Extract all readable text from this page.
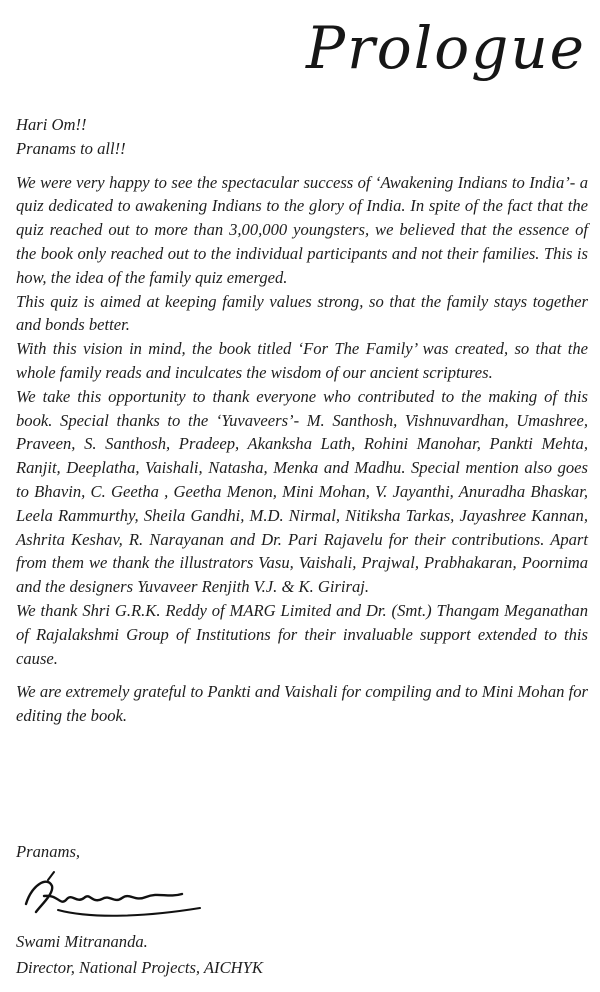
Prologue

Hari Om!!

Pranams to all!!

We were very happy to see the spectacular success of ‘Awakening Indians to India’- a quiz dedicated to awakening Indians to the glory of India. In spite of the fact that the quiz reached out to more than 3,00,000 youngsters, we believed that the essence of the book only reached out to the individual participants and not their families. This is how, the idea of the family quiz emerged.

This quiz is aimed at keeping family values strong, so that the family stays together and bonds better.

With this vision in mind, the book titled ‘For The Family’ was created, so that the whole family reads and inculcates the wisdom of our ancient scriptures.

We take this opportunity to thank everyone who contributed to the making of this book. Special thanks to the ‘Yuvaveers’- M. Santhosh, Vishnuvardhan, Umashree, Praveen, S. Santhosh, Pradeep, Akanksha Lath, Rohini Manohar, Pankti Mehta, Ranjit, Deeplatha, Vaishali, Natasha, Menka and Madhu. Special mention also goes to Bhavin, C. Geetha , Geetha Menon, Mini Mohan, V. Jayanthi, Anuradha Bhaskar, Leela Rammurthy, Sheila Gandhi, M.D. Nirmal, Nitiksha Tarkas, Jayashree Kannan, Ashrita Keshav, R. Narayanan and Dr. Pari Rajavelu for their contributions. Apart from them we thank the illustrators Vasu, Vaishali, Prajwal, Prabhakaran, Poornima and the designers Yuvaveer Renjith V.J. & K. Giriraj.

We thank Shri G.R.K. Reddy of MARG Limited and Dr. (Smt.) Thangam Meganathan of Rajalakshmi Group of Institutions for their invaluable support extended to this cause.

We are extremely grateful to Pankti and Vaishali for compiling and to Mini Mohan for editing the book.

Pranams,

Swami Mitrananda.

Director, National Projects, AICHYK
